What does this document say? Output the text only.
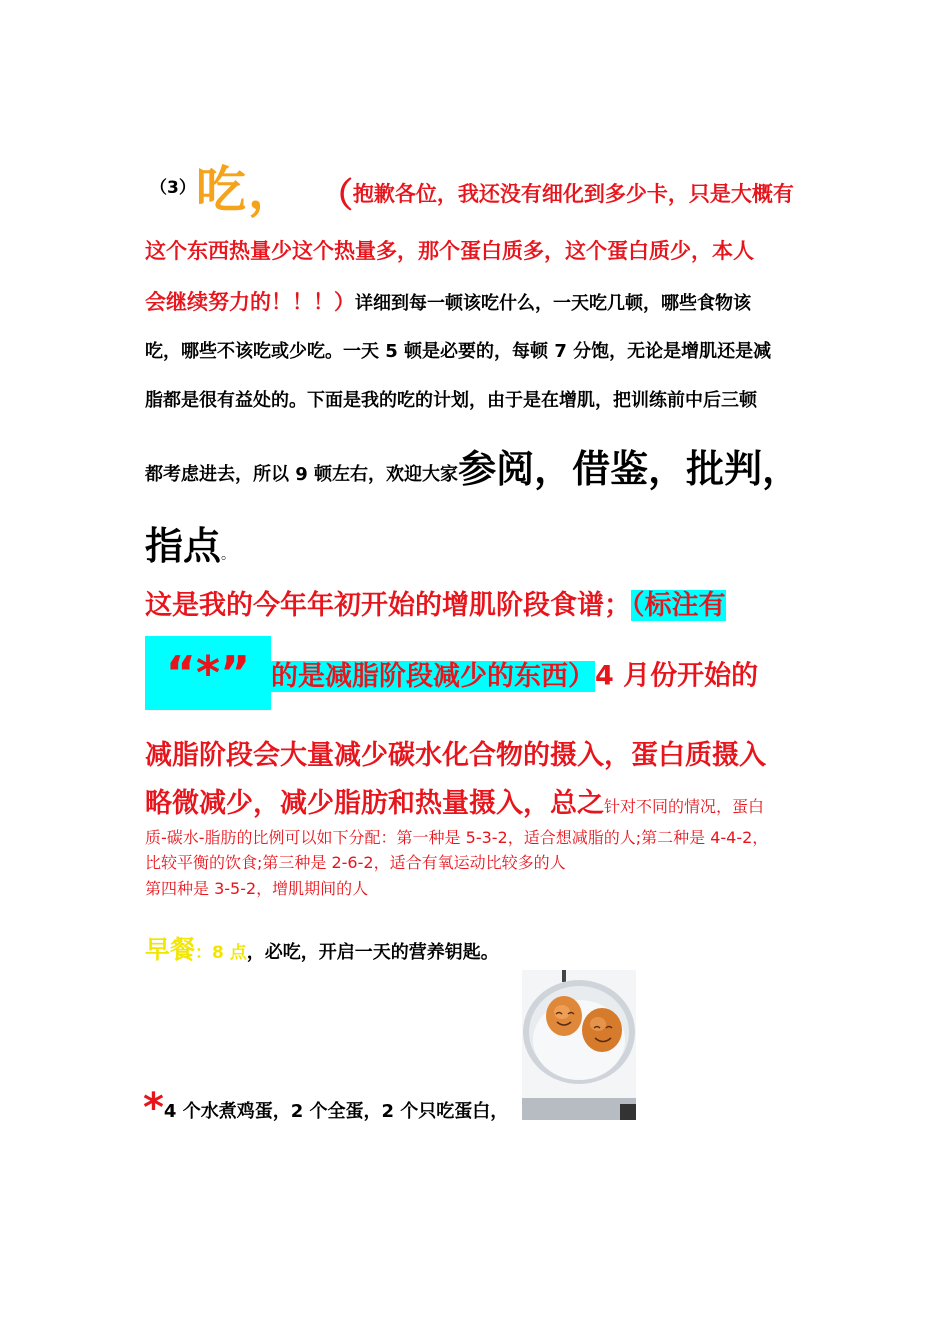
（3）吃， （抱歉各位，我还没有细化到多少卡，只是大概有
这个东西热量少这个热量多，那个蛋白质多，这个蛋白质少，本人
会继续努力的！！！）详细到每一顿该吃什么，一天吃几顿，哪些食物该
吃，哪些不该吃或少吃。一天 5 顿是必要的，每顿 7 分饱，无论是增肌还是减
脂都是很有益处的。下面是我的吃的计划，由于是在增肌，把训练前中后三顿
都考虑进去，所以 9 顿左右，欢迎大家参阅，借鉴，批判，
指点。
这是我的今年年初开始的增肌阶段食谱；（标注有
“*” 的是减脂阶段减少的东西）4 月份开始的
减脂阶段会大量减少碳水化合物的摄入，蛋白质摄入
略微减少，减少脂肪和热量摄入，总之针对不同的情况，蛋白
质-碳水-脂肪的比例可以如下分配：第一种是 5-3-2，适合想减脂的人;第二种是 4-4-2，
比较平衡的饮食;第三种是 2-6-2，适合有氧运动比较多的人
第四种是 3-5-2，增肌期间的人
早餐：8 点，必吃，开启一天的营养钥匙。
*4 个水煮鸡蛋，2 个全蛋，2 个只吃蛋白，
